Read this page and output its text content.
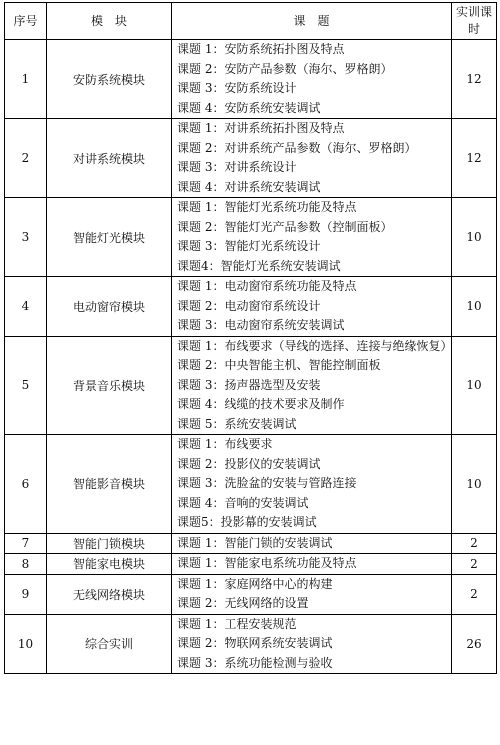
序号	模　块	课　题	实训课时
1	安防系统模块	课题 1：安防系统拓扑图及特点
课题 2：安防产品参数（海尔、罗格朗）
课题 3：安防系统设计
课题 4：安防系统安装调试	12
2	对讲系统模块	课题 1：对讲系统拓扑图及特点
课题 2：对讲系统产品参数（海尔、罗格朗）
课题 3：对讲系统设计
课题 4：对讲系统安装调试	12
3	智能灯光模块	课题 1：智能灯光系统功能及特点
课题 2：智能灯光产品参数（控制面板）
课题 3：智能灯光系统设计
课题4：智能灯光系统安装调试	10
4	电动窗帘模块	课题 1：电动窗帘系统功能及特点
课题 2：电动窗帘系统设计
课题 3：电动窗帘系统安装调试	10
5	背景音乐模块	课题 1：布线要求（导线的选择、连接与绝缘恢复）
课题 2：中央智能主机、智能控制面板
课题 3：扬声器选型及安装
课题 4：线缆的技术要求及制作
课题 5：系统安装调试	10
6	智能影音模块	课题 1：布线要求
课题 2：投影仪的安装调试
课题 3：洗脸盆的安装与管路连接
课题 4：音响的安装调试
课题5：投影幕的安装调试	10
7	智能门锁模块	课题 1：智能门锁的安装调试	2
8	智能家电模块	课题 1：智能家电系统功能及特点	2
9	无线网络模块	课题 1：家庭网络中心的构建
课题 2：无线网络的设置	2
10	综合实训	课题 1：工程安装规范
课题 2：物联网系统安装调试
课题 3：系统功能检测与验收	26
